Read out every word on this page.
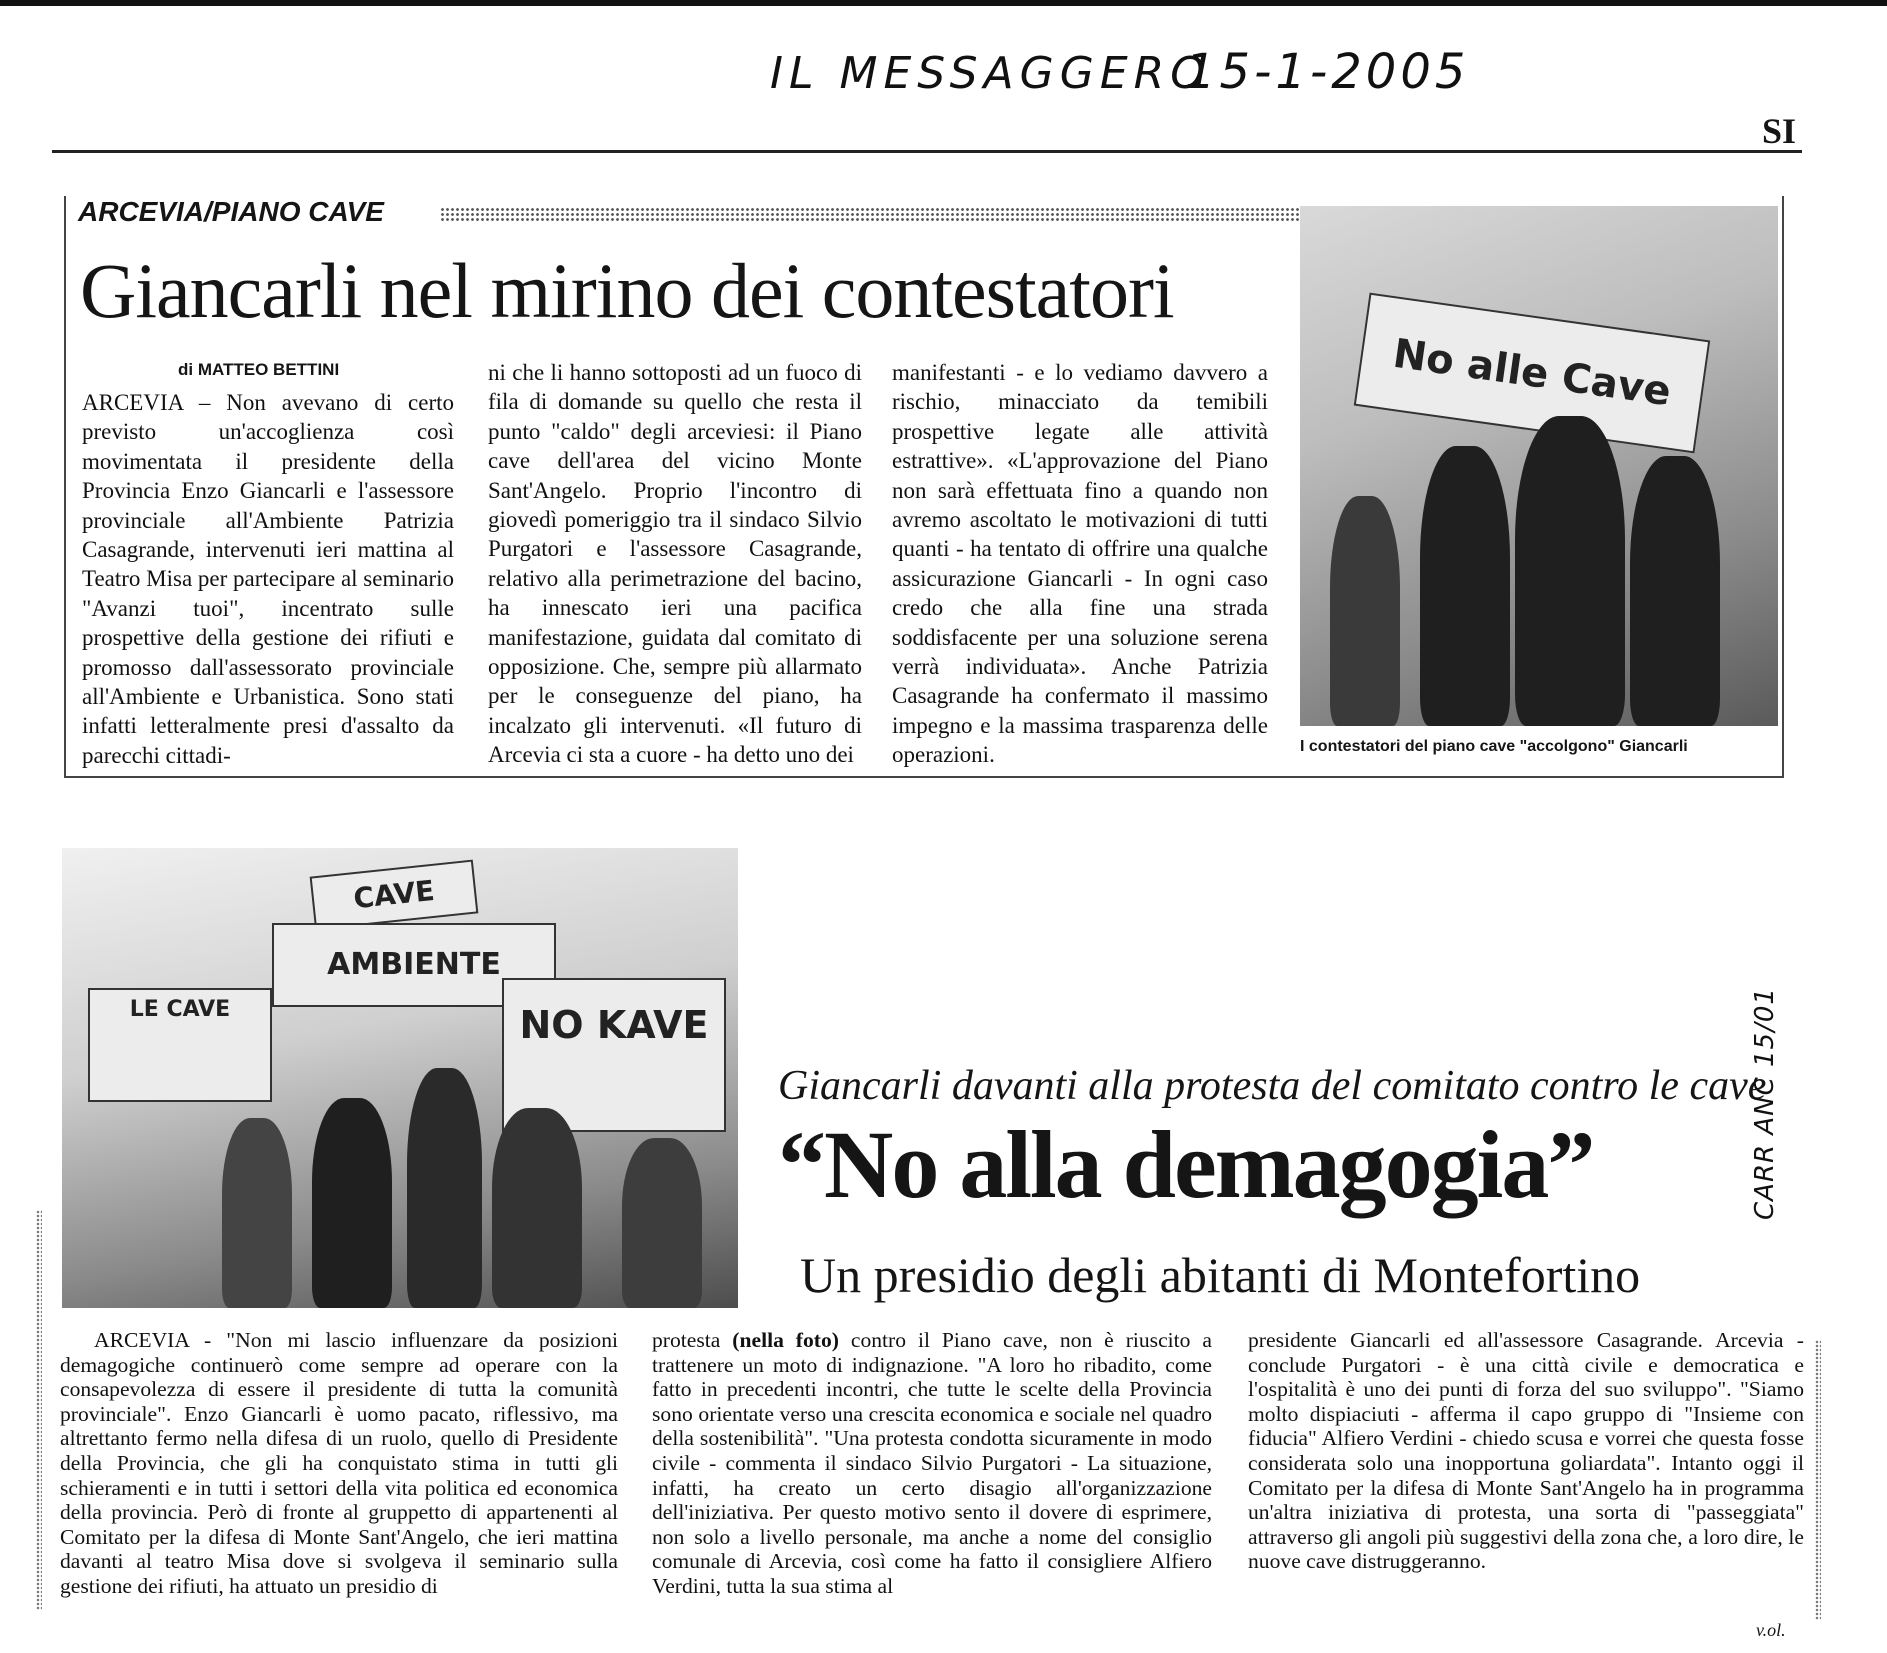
IL MESSAGGERO
15-1-2005
SI
ARCEVIA/PIANO CAVE
Giancarli nel mirino dei contestatori
di MATTEO BETTINI

ARCEVIA – Non avevano di certo previsto un'accoglienza così movimentata il presidente della Provincia Enzo Giancarli e l'assessore provinciale all'Ambiente Patrizia Casagrande, intervenuti ieri mattina al Teatro Misa per partecipare al seminario "Avanzi tuoi", incentrato sulle prospettive della gestione dei rifiuti e promosso dall'assessorato provinciale all'Ambiente e Urbanistica. Sono stati infatti letteralmente presi d'assalto da parecchi cittadi-

ni che li hanno sottoposti ad un fuoco di fila di domande su quello che resta il punto "caldo" degli arceviesi: il Piano cave dell'area del vicino Monte Sant'Angelo. Proprio l'incontro di giovedì pomeriggio tra il sindaco Silvio Purgatori e l'assessore Casagrande, relativo alla perimetrazione del bacino, ha innescato ieri una pacifica manifestazione, guidata dal comitato di opposizione. Che, sempre più allarmato per le conseguenze del piano, ha incalzato gli intervenuti. «Il futuro di Arcevia ci sta a cuore - ha detto uno dei

manifestanti - e lo vediamo davvero a rischio, minacciato da temibili prospettive legate alle attività estrattive». «L'approvazione del Piano non sarà effettuata fino a quando non avremo ascoltato le motivazioni di tutti quanti - ha tentato di offrire una qualche assicurazione Giancarli - In ogni caso credo che alla fine una strada soddisfacente per una soluzione serena verrà individuata». Anche Patrizia Casagrande ha confermato il massimo impegno e la massima trasparenza delle operazioni.

No alle Cave
I contestatori del piano cave "accolgono" Giancarli
CAVE
AMBIENTE
LE CAVE	NO KAVE
Giancarli davanti alla protesta del comitato contro le cave
“No alla demagogia”
Un presidio degli abitanti di Montefortino
CARR ANC 15/01

ARCEVIA - "Non mi lascio influenzare da posizioni demagogiche continuerò come sempre ad operare con la consapevolezza di essere il presidente di tutta la comunità provinciale". Enzo Giancarli è uomo pacato, riflessivo, ma altrettanto fermo nella difesa di un ruolo, quello di Presidente della Provincia, che gli ha conquistato stima in tutti gli schieramenti e in tutti i settori della vita politica ed economica della provincia. Però di fronte al gruppetto di appartenenti al Comitato per la difesa di Monte Sant'Angelo, che ieri mattina davanti al teatro Misa dove si svolgeva il seminario sulla gestione dei rifiuti, ha attuato un presidio di

protesta (nella foto) contro il Piano cave, non è riuscito a trattenere un moto di indignazione. "A loro ho ribadito, come fatto in precedenti incontri, che tutte le scelte della Provincia sono orientate verso una crescita economica e sociale nel quadro della sostenibilità". "Una protesta condotta sicuramente in modo civile - commenta il sindaco Silvio Purgatori - La situazione, infatti, ha creato un certo disagio all'organizzazione dell'iniziativa. Per questo motivo sento il dovere di esprimere, non solo a livello personale, ma anche a nome del consiglio comunale di Arcevia, così come ha fatto il consigliere Alfiero Verdini, tutta la sua stima al

presidente Giancarli ed all'assessore Casagrande. Arcevia - conclude Purgatori - è una città civile e democratica e l'ospitalità è uno dei punti di forza del suo sviluppo". "Siamo molto dispiaciuti - afferma il capo gruppo di "Insieme con fiducia" Alfiero Verdini - chiedo scusa e vorrei che questa fosse considerata solo una inopportuna goliardata". Intanto oggi il Comitato per la difesa di Monte Sant'Angelo ha in programma un'altra iniziativa di protesta, una sorta di "passeggiata" attraverso gli angoli più suggestivi della zona che, a loro dire, le nuove cave distruggeranno.

v.ol.
